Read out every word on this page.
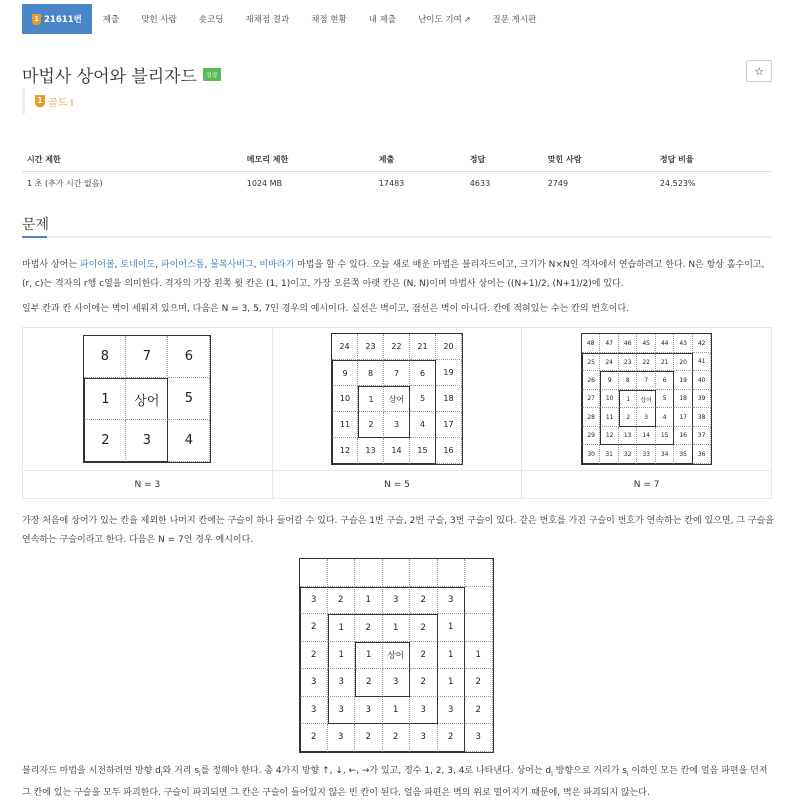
1 21611번	제출	맞힌 사람	숏코딩	재채점 결과	채점 현황	내 제출	난이도 기여 ↗	질문 게시판
마법사 상어와 블리자드	성공	☆
1 골드 I
시간 제한	메모리 제한	제출	정답	맞힌 사람	정답 비율
1 초 (추가 시간 없음)	1024 MB	17483	4633	2749	24.523%
문제
마법사 상어는 파이어볼, 토네이도, 파이어스톰, 물복사버그, 비바라기 마법을 할 수 있다. 오늘 새로 배운 마법은 블리자드이고, 크기가 N×N인 격자에서 연습하려고 한다. N은 항상 홀수이고, (r, c)는 격자의 r행 c열을 의미한다. 격자의 가장 왼쪽 윗 칸은 (1, 1)이고, 가장 오른쪽 아랫 칸은 (N, N)이며 마법사 상어는 ((N+1)/2, (N+1)/2)에 있다.
일부 칸과 칸 사이에는 벽이 세워져 있으며, 다음은 N = 3, 5, 7인 경우의 예시이다. 실선은 벽이고, 점선은 벽이 아니다. 칸에 적혀있는 수는 칸의 번호이다.
8	7	6
1	상어	5
2	3	4

24	23	22	21	20
9	8	7	6	19
10	1	상어	5	18
11	2	3	4	17
12	13	14	15	16

48	47	46	45	44	43	42
25	24	23	22	21	20	41
26	9	8	7	6	19	40
27	10	1	상어	5	18	39
28	11	2	3	4	17	38
29	12	13	14	15	16	37
30	31	32	33	34	35	36

N = 3	N = 5	N = 7
가장 처음에 상어가 있는 칸을 제외한 나머지 칸에는 구슬이 하나 들어갈 수 있다. 구슬은 1번 구슬, 2번 구슬, 3번 구슬이 있다. 같은 번호를 가진 구슬이 번호가 연속하는 칸에 있으면, 그 구슬을 연속하는 구슬이라고 한다. 다음은 N = 7인 경우 예시이다.
3	2	1	3	2	3
2	1	2	1	2	1
2	1	1	상어	2	1	1
3	3	2	3	2	1	2
3	3	3	1	3	3	2
2	3	2	2	3	2	3
블리자드 마법을 시전하려면 방향 $d_i$와 거리 $s_i$를 정해야 한다. 총 4가지 방향 ↑, ↓, ←, →가 있고, 정수 1, 2, 3, 4로 나타낸다. 상어는 $d_i$ 방향으로 거리가 $s_i$ 이하인 모든 칸에 얼음 파편을 던져 그 칸에 있는 구슬을 모두 파괴한다. 구슬이 파괴되면 그 칸은 구슬이 들어있지 않은 빈 칸이 된다. 얼음 파편은 벽의 위로 떨어지기 때문에, 벽은 파괴되지 않는다.
